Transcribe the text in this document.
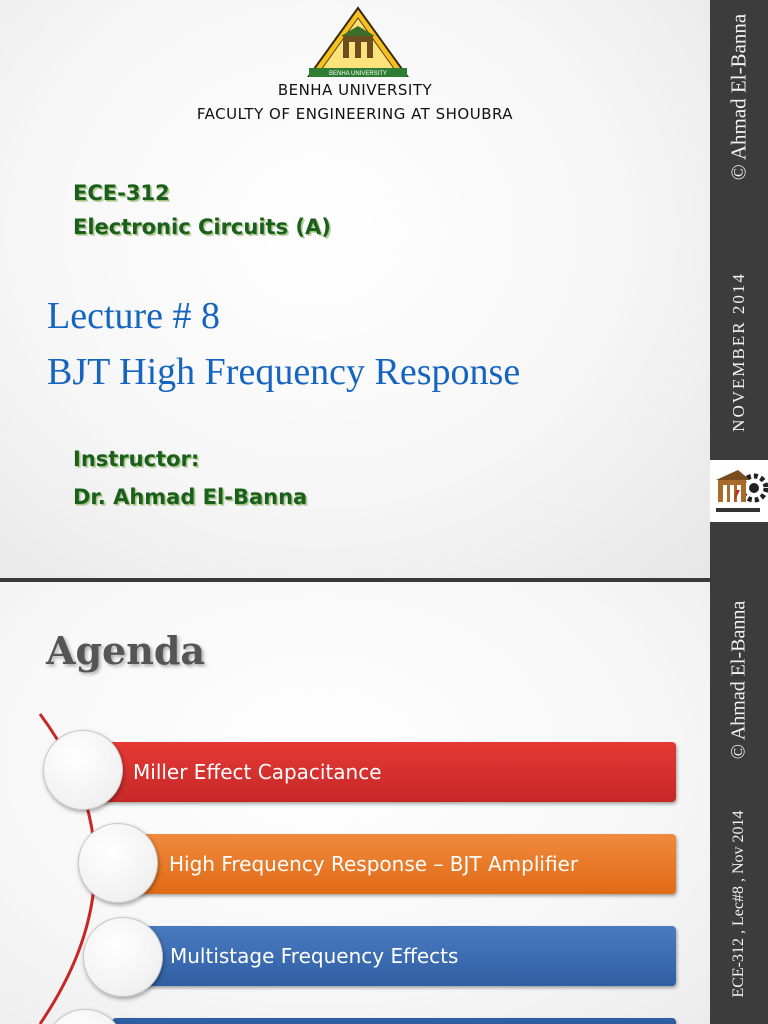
BENHA UNIVERSITY
BENHA UNIVERSITY
FACULTY OF ENGINEERING AT SHOUBRA
ECE-312
Electronic Circuits (A)
Lecture # 8
BJT High Frequency Response
Instructor:
Dr. Ahmad El-Banna
© Ahmad El-Banna
NOVEMBER 2014
Agenda
Miller Effect Capacitance
High Frequency Response – BJT Amplifier
Multistage Frequency Effects
© Ahmad El-Banna
ECE-312 , Lec#8 , Nov 2014
